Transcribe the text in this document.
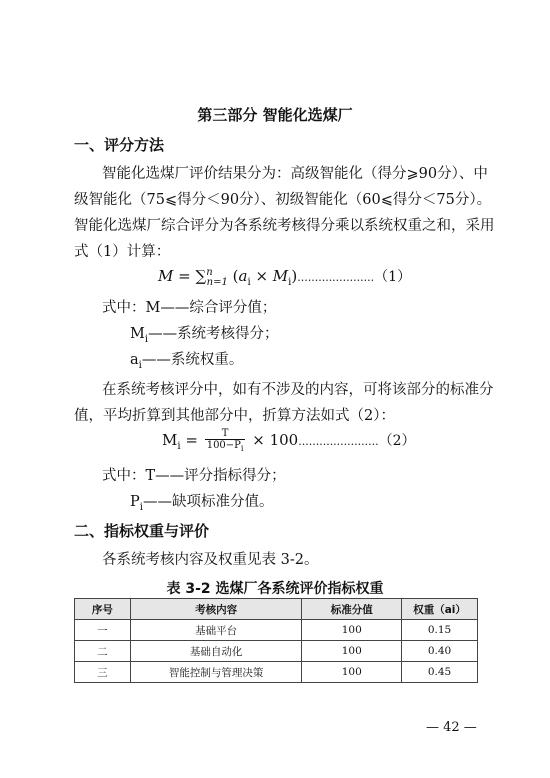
第三部分 智能化选煤厂
一、评分方法
智能化选煤厂评价结果分为：高级智能化（得分⩾90分）、中
级智能化（75⩽得分＜90分）、初级智能化（60⩽得分＜75分）。
智能化选煤厂综合评分为各系统考核得分乘以系统权重之和，采用
式（1）计算：
M = ∑$^n_{n=1}$ $(a_i \times M_i)......................(1)$
式中：M——综合评分值；
$M_i——$系统考核得分；
$a_i——$系统权重。
在系统考核评分中，如有不涉及的内容，可将该部分的标准分
值，平均折算到其他部分中，折算方法如式（2）：
$M_i = \frac{T}{100-P_i} \times 100.......................(2)$
式中：T——评分指标得分；
$P_i——$缺项标准分值。
二、指标权重与评价
各系统考核内容及权重见表 3-2。
表 3-2 选煤厂各系统评价指标权重
序号	考核内容	标准分值	权重（ai）
一	基础平台	100	0.15
二	基础自动化	100	0.40
三	智能控制与管理决策	100	0.45
— 42 —
